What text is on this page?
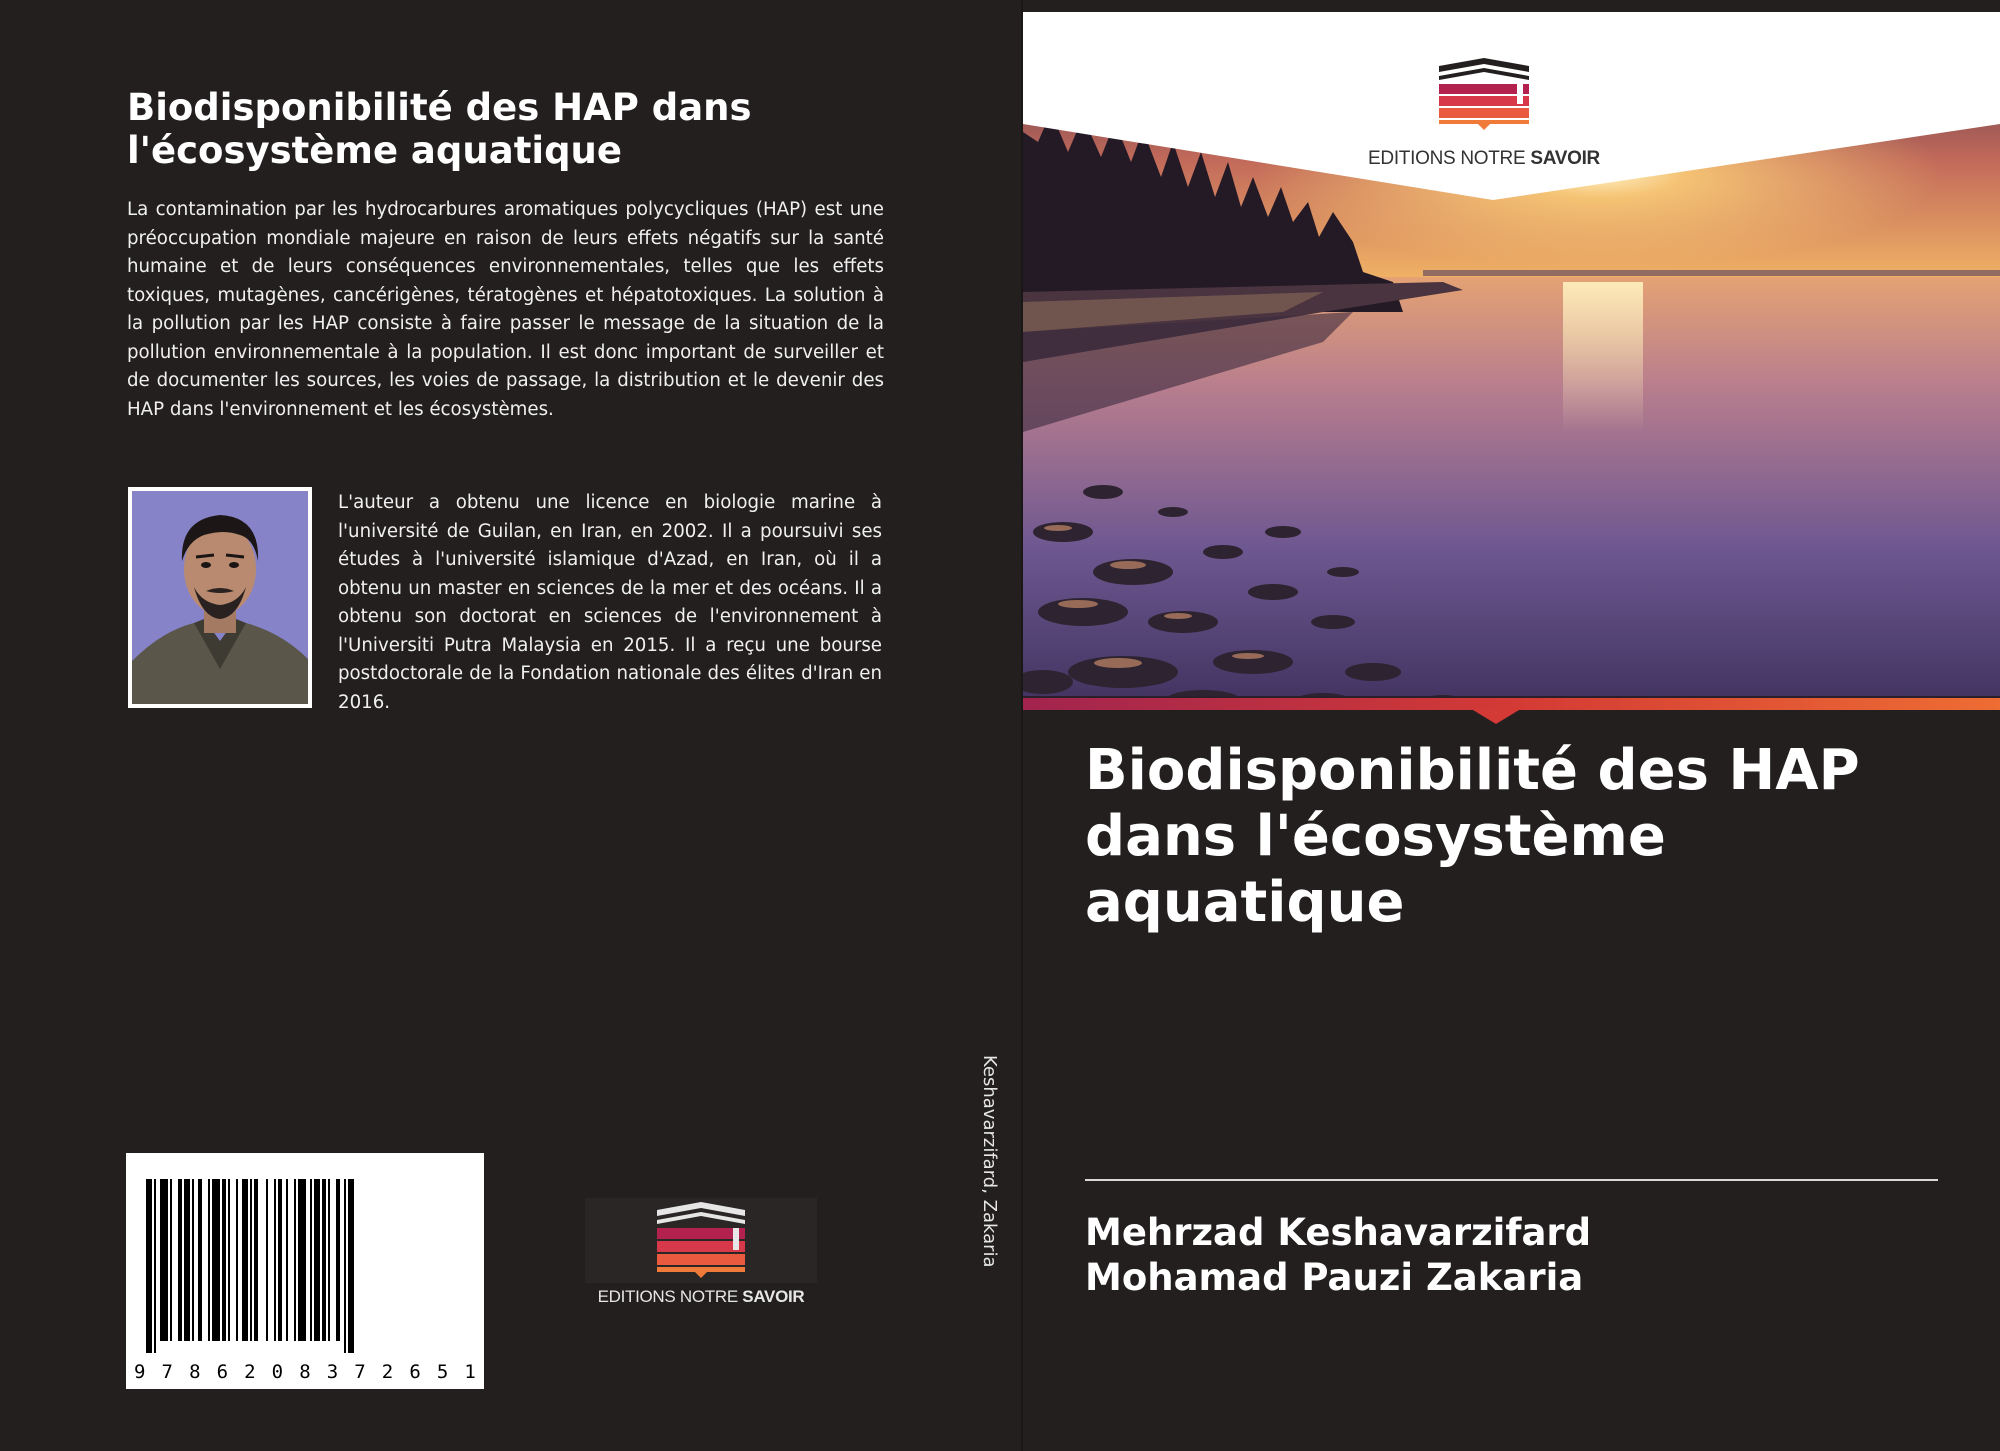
Biodisponibilité des HAP dans l'écosystème aquatique

La contamination par les hydrocarbures aromatiques polycycliques (HAP) est une préoccupation mondiale majeure en raison de leurs effets négatifs sur la santé humaine et de leurs conséquences environnementales, telles que les effets toxiques, mutagènes, cancérigènes, tératogènes et hépatotoxiques. La solution à la pollution par les HAP consiste à faire passer le message de la situation de la pollution environnementale à la population. Il est donc important de surveiller et de documenter les sources, les voies de passage, la distribution et le devenir des HAP dans l'environnement et les écosystèmes.

L'auteur a obtenu une licence en biologie marine à l'université de Guilan, en Iran, en 2002. Il a poursuivi ses études à l'université islamique d'Azad, en Iran, où il a obtenu un master en sciences de la mer et des océans. Il a obtenu son doctorat en sciences de l'environnement à l'Universiti Putra Malaysia en 2015. Il a reçu une bourse postdoctorale de la Fondation nationale des élites d'Iran en 2016.

9 7 8 6 2 0 8 3 7 2 6 5 1
EDITIONS NOTRE SAVOIR
Keshavarzifard, Zakaria
EDITIONS NOTRE SAVOIR
Biodisponibilité des HAP dans l'écosystème aquatique
Mehrzad Keshavarzifard
Mohamad Pauzi Zakaria
